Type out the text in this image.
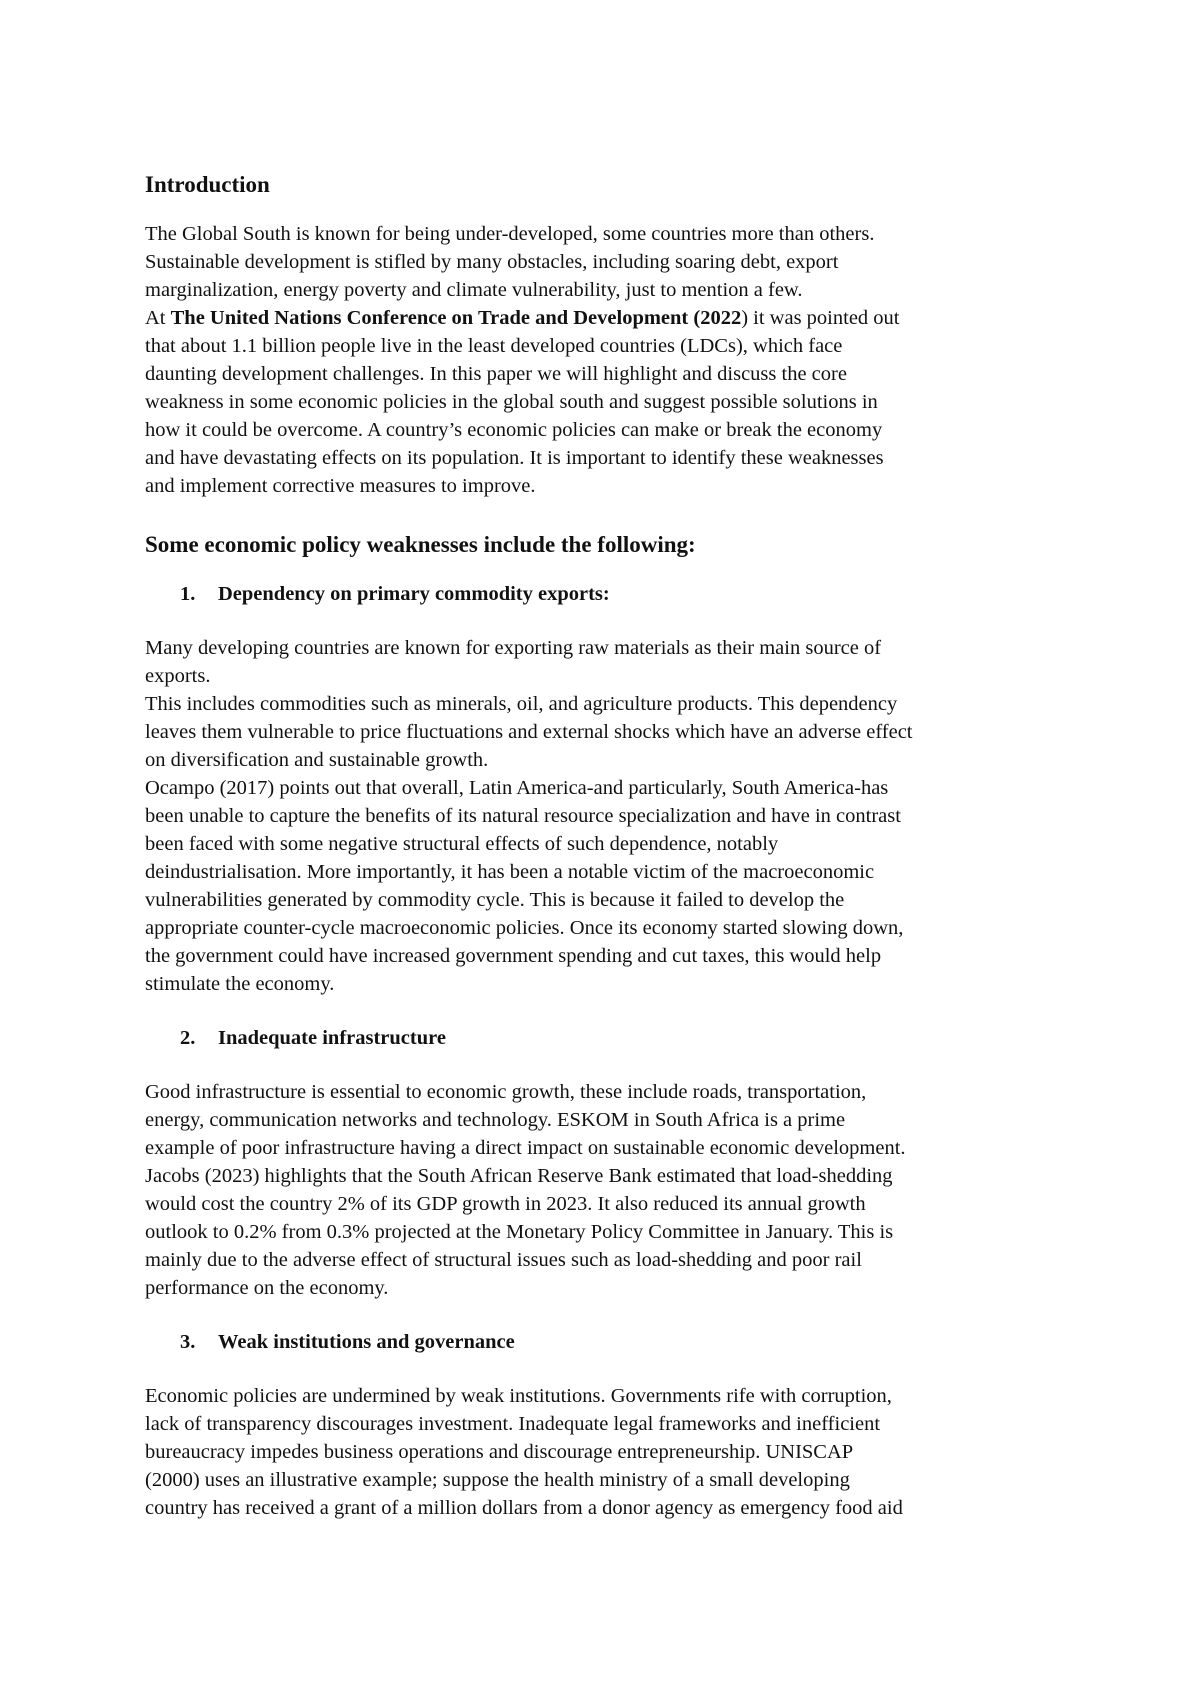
Introduction
The Global South is known for being under-developed, some countries more than others.
Sustainable development is stifled by many obstacles, including soaring debt, export
marginalization, energy poverty and climate vulnerability, just to mention a few.
At The United Nations Conference on Trade and Development (2022) it was pointed out
that about 1.1 billion people live in the least developed countries (LDCs), which face
daunting development challenges. In this paper we will highlight and discuss the core
weakness in some economic policies in the global south and suggest possible solutions in
how it could be overcome. A country’s economic policies can make or break the economy
and have devastating effects on its population. It is important to identify these weaknesses
and implement corrective measures to improve.
Some economic policy weaknesses include the following:
1. Dependency on primary commodity exports:
Many developing countries are known for exporting raw materials as their main source of
exports.
This includes commodities such as minerals, oil, and agriculture products. This dependency
leaves them vulnerable to price fluctuations and external shocks which have an adverse effect
on diversification and sustainable growth.
Ocampo (2017) points out that overall, Latin America-and particularly, South America-has
been unable to capture the benefits of its natural resource specialization and have in contrast
been faced with some negative structural effects of such dependence, notably
deindustrialisation. More importantly, it has been a notable victim of the macroeconomic
vulnerabilities generated by commodity cycle. This is because it failed to develop the
appropriate counter-cycle macroeconomic policies. Once its economy started slowing down,
the government could have increased government spending and cut taxes, this would help
stimulate the economy.
2. Inadequate infrastructure
Good infrastructure is essential to economic growth, these include roads, transportation,
energy, communication networks and technology. ESKOM in South Africa is a prime
example of poor infrastructure having a direct impact on sustainable economic development.
Jacobs (2023) highlights that the South African Reserve Bank estimated that load-shedding
would cost the country 2% of its GDP growth in 2023. It also reduced its annual growth
outlook to 0.2% from 0.3% projected at the Monetary Policy Committee in January. This is
mainly due to the adverse effect of structural issues such as load-shedding and poor rail
performance on the economy.
3. Weak institutions and governance
Economic policies are undermined by weak institutions. Governments rife with corruption,
lack of transparency discourages investment. Inadequate legal frameworks and inefficient
bureaucracy impedes business operations and discourage entrepreneurship. UNISCAP
(2000) uses an illustrative example; suppose the health ministry of a small developing
country has received a grant of a million dollars from a donor agency as emergency food aid
